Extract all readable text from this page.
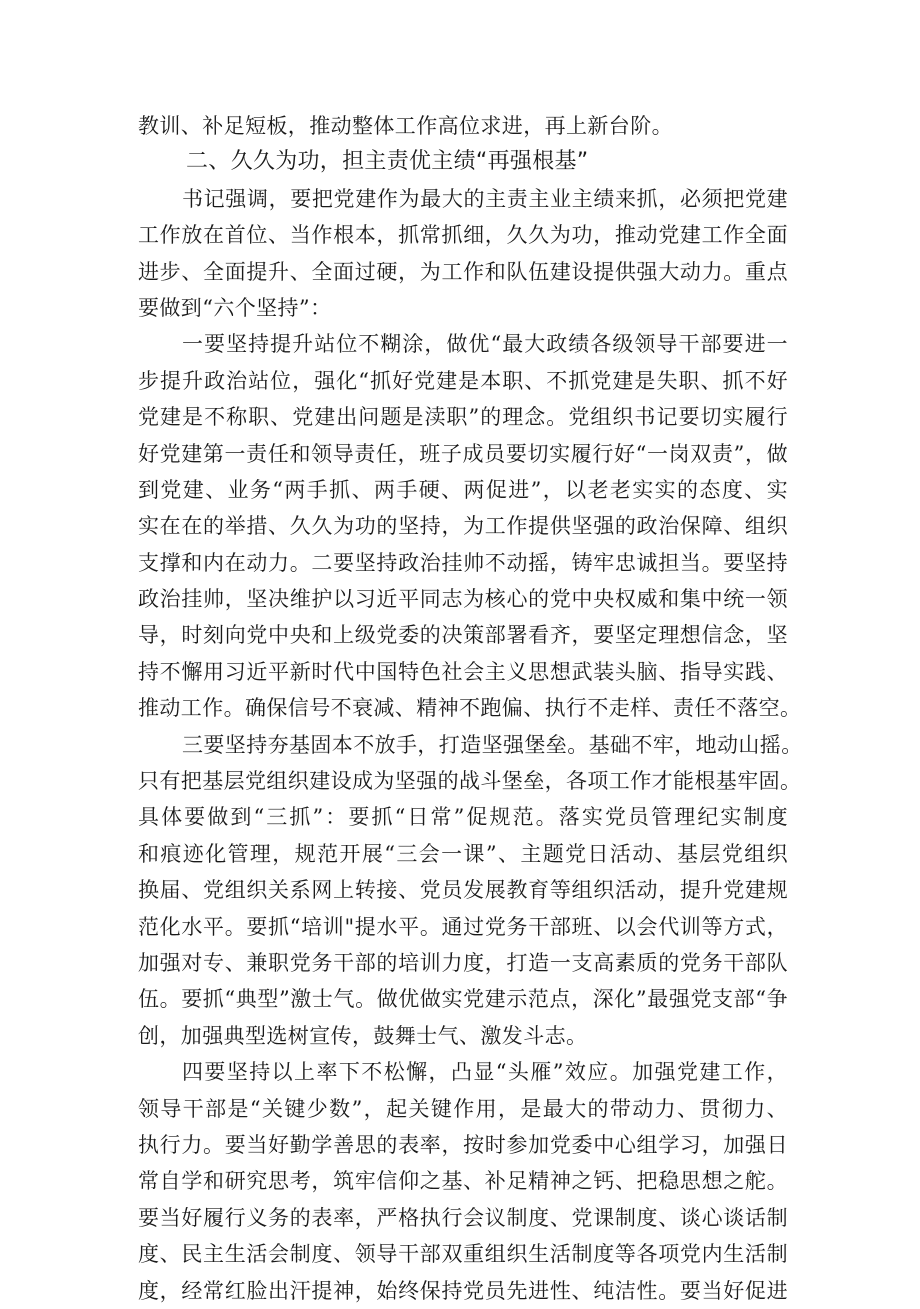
教训、补足短板，推动整体工作高位求进，再上新台阶。
二、久久为功，担主责优主绩“再强根基”
书记强调，要把党建作为最大的主责主业主绩来抓，必须把党建
工作放在首位、当作根本，抓常抓细，久久为功，推动党建工作全面
进步、全面提升、全面过硬，为工作和队伍建设提供强大动力。重点
要做到“六个坚持”：
一要坚持提升站位不糊涂，做优“最大政绩各级领导干部要进一
步提升政治站位，强化“抓好党建是本职、不抓党建是失职、抓不好
党建是不称职、党建出问题是渎职”的理念。党组织书记要切实履行
好党建第一责任和领导责任，班子成员要切实履行好“一岗双责”，做
到党建、业务“两手抓、两手硬、两促进”，以老老实实的态度、实
实在在的举措、久久为功的坚持，为工作提供坚强的政治保障、组织
支撑和内在动力。二要坚持政治挂帅不动摇，铸牢忠诚担当。要坚持
政治挂帅，坚决维护以习近平同志为核心的党中央权威和集中统一领
导，时刻向党中央和上级党委的决策部署看齐，要坚定理想信念，坚
持不懈用习近平新时代中国特色社会主义思想武装头脑、指导实践、
推动工作。确保信号不衰减、精神不跑偏、执行不走样、责任不落空。
三要坚持夯基固本不放手，打造坚强堡垒。基础不牢，地动山摇。
只有把基层党组织建设成为坚强的战斗堡垒，各项工作才能根基牢固。
具体要做到“三抓”：要抓“日常”促规范。落实党员管理纪实制度
和痕迹化管理，规范开展“三会一课”、主题党日活动、基层党组织
换届、党组织关系网上转接、党员发展教育等组织活动，提升党建规
范化水平。要抓“培训"提水平。通过党务干部班、以会代训等方式，
加强对专、兼职党务干部的培训力度，打造一支高素质的党务干部队
伍。要抓“典型”激士气。做优做实党建示范点，深化”最强党支部“争
创，加强典型选树宣传，鼓舞士气、激发斗志。
四要坚持以上率下不松懈，凸显“头雁”效应。加强党建工作，
领导干部是“关键少数”，起关键作用，是最大的带动力、贯彻力、
执行力。要当好勤学善思的表率，按时参加党委中心组学习，加强日
常自学和研究思考，筑牢信仰之基、补足精神之钙、把稳思想之舵。
要当好履行义务的表率，严格执行会议制度、党课制度、谈心谈话制
度、民主生活会制度、领导干部双重组织生活制度等各项党内生活制
度，经常红脸出汗提神，始终保持党员先进性、纯洁性。要当好促进
